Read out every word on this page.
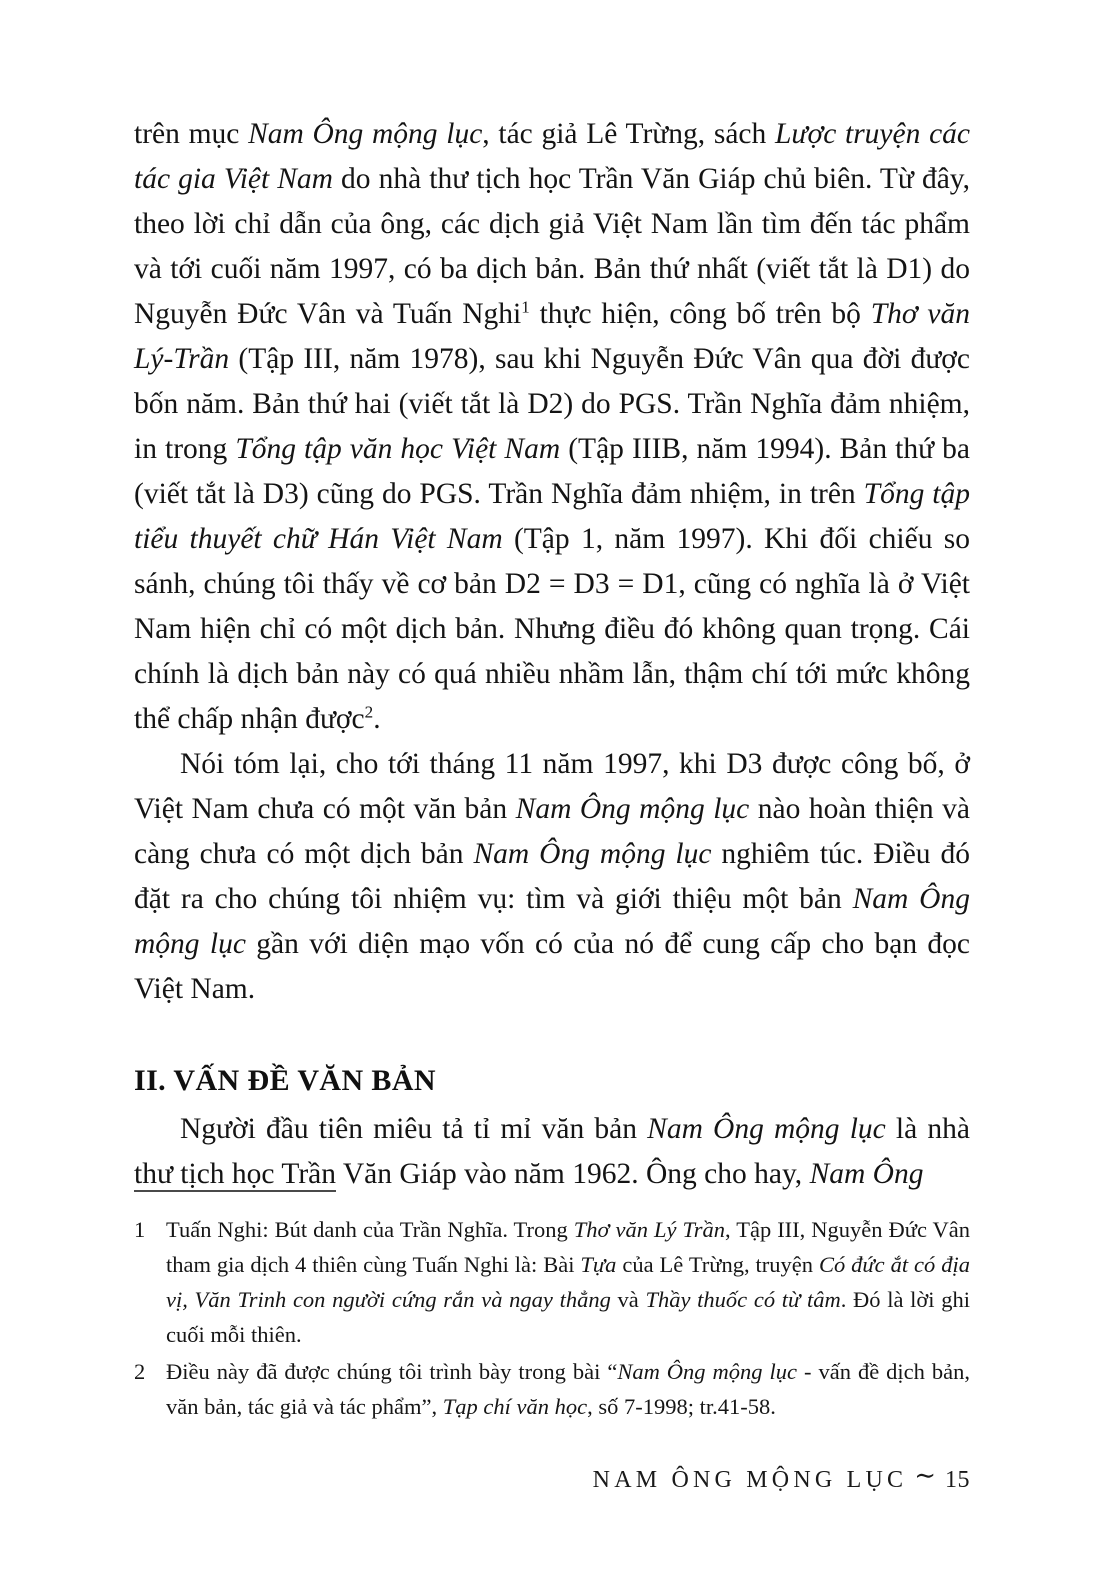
trên mục Nam Ông mộng lục, tác giả Lê Trừng, sách Lược truyện các tác gia Việt Nam do nhà thư tịch học Trần Văn Giáp chủ biên. Từ đây, theo lời chỉ dẫn của ông, các dịch giả Việt Nam lần tìm đến tác phẩm và tới cuối năm 1997, có ba dịch bản. Bản thứ nhất (viết tắt là D1) do Nguyễn Đức Vân và Tuấn Nghi$^1$ thực hiện, công bố trên bộ Thơ văn Lý-Trần (Tập III, năm 1978), sau khi Nguyễn Đức Vân qua đời được bốn năm. Bản thứ hai (viết tắt là D2) do PGS. Trần Nghĩa đảm nhiệm, in trong Tổng tập văn học Việt Nam (Tập IIIB, năm 1994). Bản thứ ba (viết tắt là D3) cũng do PGS. Trần Nghĩa đảm nhiệm, in trên Tổng tập tiểu thuyết chữ Hán Việt Nam (Tập 1, năm 1997). Khi đối chiếu so sánh, chúng tôi thấy về cơ bản D2 = D3 = D1, cũng có nghĩa là ở Việt Nam hiện chỉ có một dịch bản. Nhưng điều đó không quan trọng. Cái chính là dịch bản này có quá nhiều nhầm lẫn, thậm chí tới mức không thể chấp nhận được$^2$.

Nói tóm lại, cho tới tháng 11 năm 1997, khi D3 được công bố, ở Việt Nam chưa có một văn bản Nam Ông mộng lục nào hoàn thiện và càng chưa có một dịch bản Nam Ông mộng lục nghiêm túc. Điều đó đặt ra cho chúng tôi nhiệm vụ: tìm và giới thiệu một bản Nam Ông mộng lục gần với diện mạo vốn có của nó để cung cấp cho bạn đọc Việt Nam.

II. VẤN ĐỀ VĂN BẢN

Người đầu tiên miêu tả tỉ mỉ văn bản Nam Ông mộng lục là nhà thư tịch học Trần Văn Giáp vào năm 1962. Ông cho hay, Nam Ông

1 Tuấn Nghi: Bút danh của Trần Nghĩa. Trong Thơ văn Lý Trần, Tập III, Nguyễn Đức Vân tham gia dịch 4 thiên cùng Tuấn Nghi là: Bài Tựa của Lê Trừng, truyện Có đức ắt có địa vị, Văn Trinh con người cứng rắn và ngay thẳng và Thầy thuốc có từ tâm. Đó là lời ghi cuối mỗi thiên.

2 Điều này đã được chúng tôi trình bày trong bài “Nam Ông mộng lục - vấn đề dịch bản, văn bản, tác giả và tác phẩm”, Tạp chí văn học, số 7-1998; tr.41-58.

NAM ÔNG MỘNG LỤC ∼ 15
